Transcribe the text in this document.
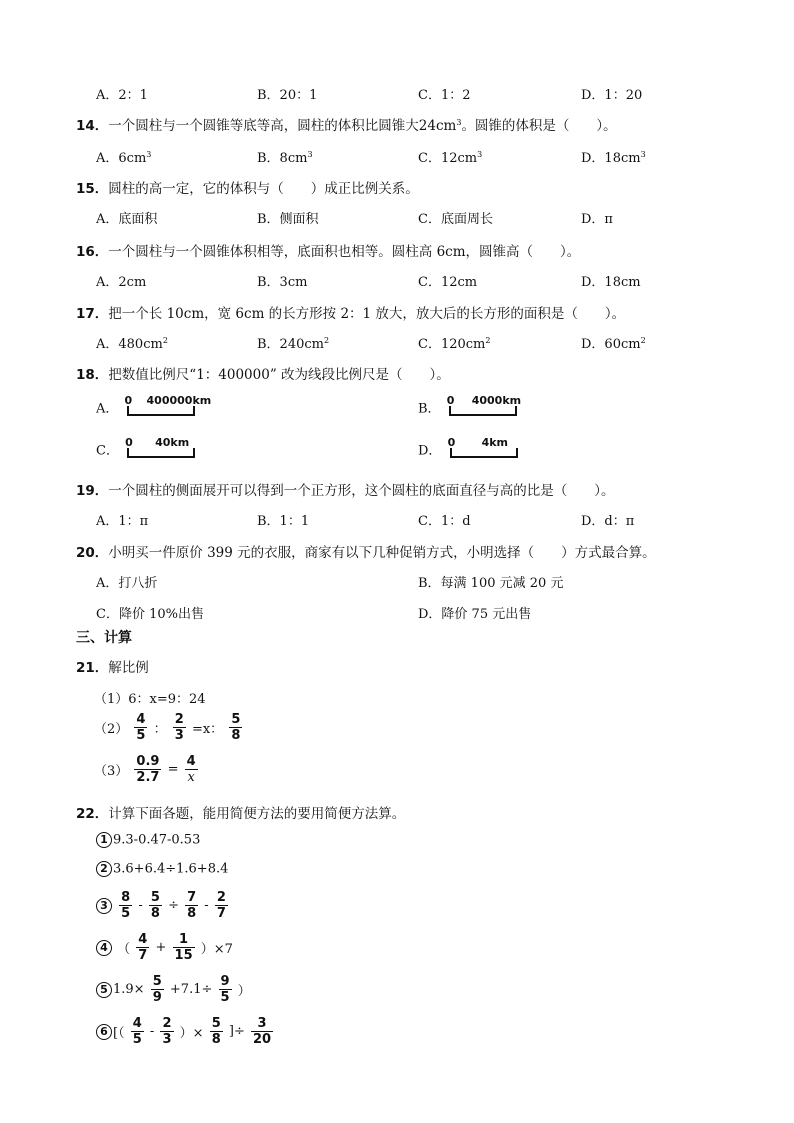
A．2：1	B．20：1	C．1：2	D．1：20
14．一个圆柱与一个圆锥等底等高，圆柱的体积比圆锥大$24cm^3$。圆锥的体积是（　　）。
A．$6cm^3$	B．$8cm^3$	C．$12cm^3$	D．$18cm^3$
15．圆柱的高一定，它的体积与（　　）成正比例关系。
A．底面积	B．侧面积	C．底面周长	D．π
16．一个圆柱与一个圆锥体积相等，底面积也相等。圆柱高 6cm，圆锥高（　　）。
A．2cm	B．3cm	C．12cm	D．18cm
17．把一个长 10cm，宽 6cm 的长方形按 2：1 放大，放大后的长方形的面积是（　　）。
A．$480cm^2$	B．$240cm^2$	C．$120cm^2$	D．$60cm^2$
18．把数值比例尺“1：400000” 改为线段比例尺是（　　）。
A．
0 400000km
B．
0 4000km
C．
0 40km
D．
0 4km
19．一个圆柱的侧面展开可以得到一个正方形，这个圆柱的底面直径与高的比是（　　）。
A．1：π	B．1：1	C．1：d	D．d：π
20．小明买一件原价 399 元的衣服，商家有以下几种促销方式，小明选择（　　）方式最合算。
A．打八折	B．每满 100 元减 20 元
C．降价 10%出售	D．降价 75 元出售
三、计算
21．解比例
（1）6：x=9：24
$(2) \frac{4}{5}$ ： $\frac{2}{3} =x$： $\frac{5}{8}$
$(3) \frac{0.9}{2.7} = \frac{4}{x}$
22．计算下面各题，能用简便方法的要用简便方法算。
1 9.3-0.47-0.53
2 3.6+6.4÷1.6+8.4
$3 \frac{8}{5} - \frac{5}{8} \div \frac{7}{8} - \frac{2}{7}$
4 （ $\frac{4}{7} + \frac{1}{15} )\times 7$
5 $1.9\times \frac{5}{9} +7.1\div \frac{9}{5}$ ）
6 [（ $\frac{4}{5} - \frac{2}{3}$ ）× $\frac{5}{8}$ ]÷ $\frac{3}{20}$
